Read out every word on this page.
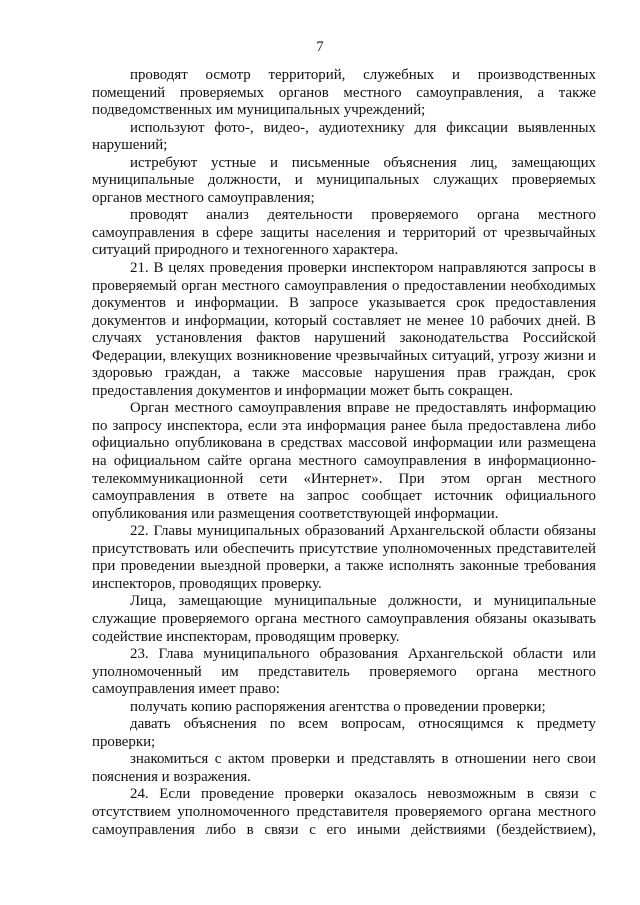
7

проводят осмотр территорий, служебных и производственных помещений проверяемых органов местного самоуправления, а также подведомственных им муниципальных учреждений;

используют фото-, видео-, аудиотехнику для фиксации выявленных нарушений;

истребуют устные и письменные объяснения лиц, замещающих муниципальные должности, и муниципальных служащих проверяемых органов местного самоуправления;

проводят анализ деятельности проверяемого органа местного самоуправления в сфере защиты населения и территорий от чрезвычайных ситуаций природного и техногенного характера.

21. В целях проведения проверки инспектором направляются запросы в проверяемый орган местного самоуправления о предоставлении необходимых документов и информации. В запросе указывается срок предоставления документов и информации, который составляет не менее 10 рабочих дней. В случаях установления фактов нарушений законодательства Российской Федерации, влекущих возникновение чрезвычайных ситуаций, угрозу жизни и здоровью граждан, а также массовые нарушения прав граждан, срок предоставления документов и информации может быть сокращен.

Орган местного самоуправления вправе не предоставлять информацию по запросу инспектора, если эта информация ранее была предоставлена либо официально опубликована в средствах массовой информации или размещена на официальном сайте органа местного самоуправления в информационно-телекоммуникационной сети «Интернет». При этом орган местного самоуправления в ответе на запрос сообщает источник официального опубликования или размещения соответствующей информации.

22. Главы муниципальных образований Архангельской области обязаны присутствовать или обеспечить присутствие уполномоченных представителей при проведении выездной проверки, а также исполнять законные требования инспекторов, проводящих проверку.

Лица, замещающие муниципальные должности, и муниципальные служащие проверяемого органа местного самоуправления обязаны оказывать содействие инспекторам, проводящим проверку.

23. Глава муниципального образования Архангельской области или уполномоченный им представитель проверяемого органа местного самоуправления имеет право:

получать копию распоряжения агентства о проведении проверки;

давать объяснения по всем вопросам, относящимся к предмету проверки;

знакомиться с актом проверки и представлять в отношении него свои пояснения и возражения.

24. Если проведение проверки оказалось невозможным в связи с отсутствием уполномоченного представителя проверяемого органа местного самоуправления либо в связи с его иными действиями (бездействием),
